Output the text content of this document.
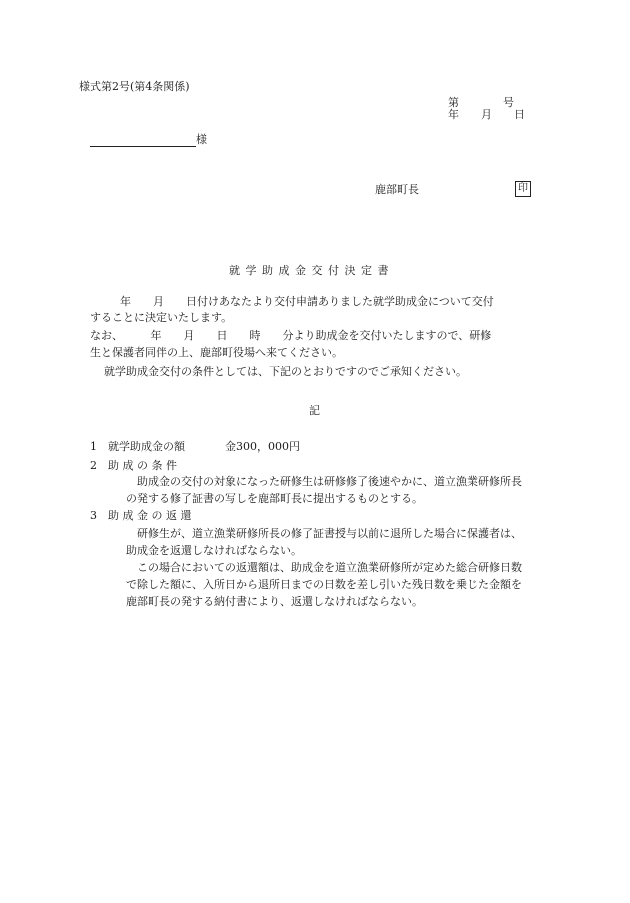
様式第2号(第4条関係)
第　　　　号
年　　月　　日
様
鹿部町長	印
就 学 助 成 金 交 付 決 定 書
年　　月　　日付けあなたより交付申請ありました就学助成金について交付
することに決定いたします。
なお、　　　年　　月　　日　　時　　分より助成金を交付いたしますので、研修
生と保護者同伴の上、鹿部町役場へ来てください。
就学助成金交付の条件としては、下記のとおりですのでご承知ください。
記
1　就学助成金の額	金300，000円
2　助 成 の 条 件
　助成金の交付の対象になった研修生は研修修了後速やかに、道立漁業研修所長
の発する修了証書の写しを鹿部町長に提出するものとする。
3　助 成 金 の 返 還
　研修生が、道立漁業研修所長の修了証書授与以前に退所した場合に保護者は、
助成金を返還しなければならない。
　この場合においての返還額は、助成金を道立漁業研修所が定めた総合研修日数
で除した額に、入所日から退所日までの日数を差し引いた残日数を乗じた金額を
鹿部町長の発する納付書により、返還しなければならない。
